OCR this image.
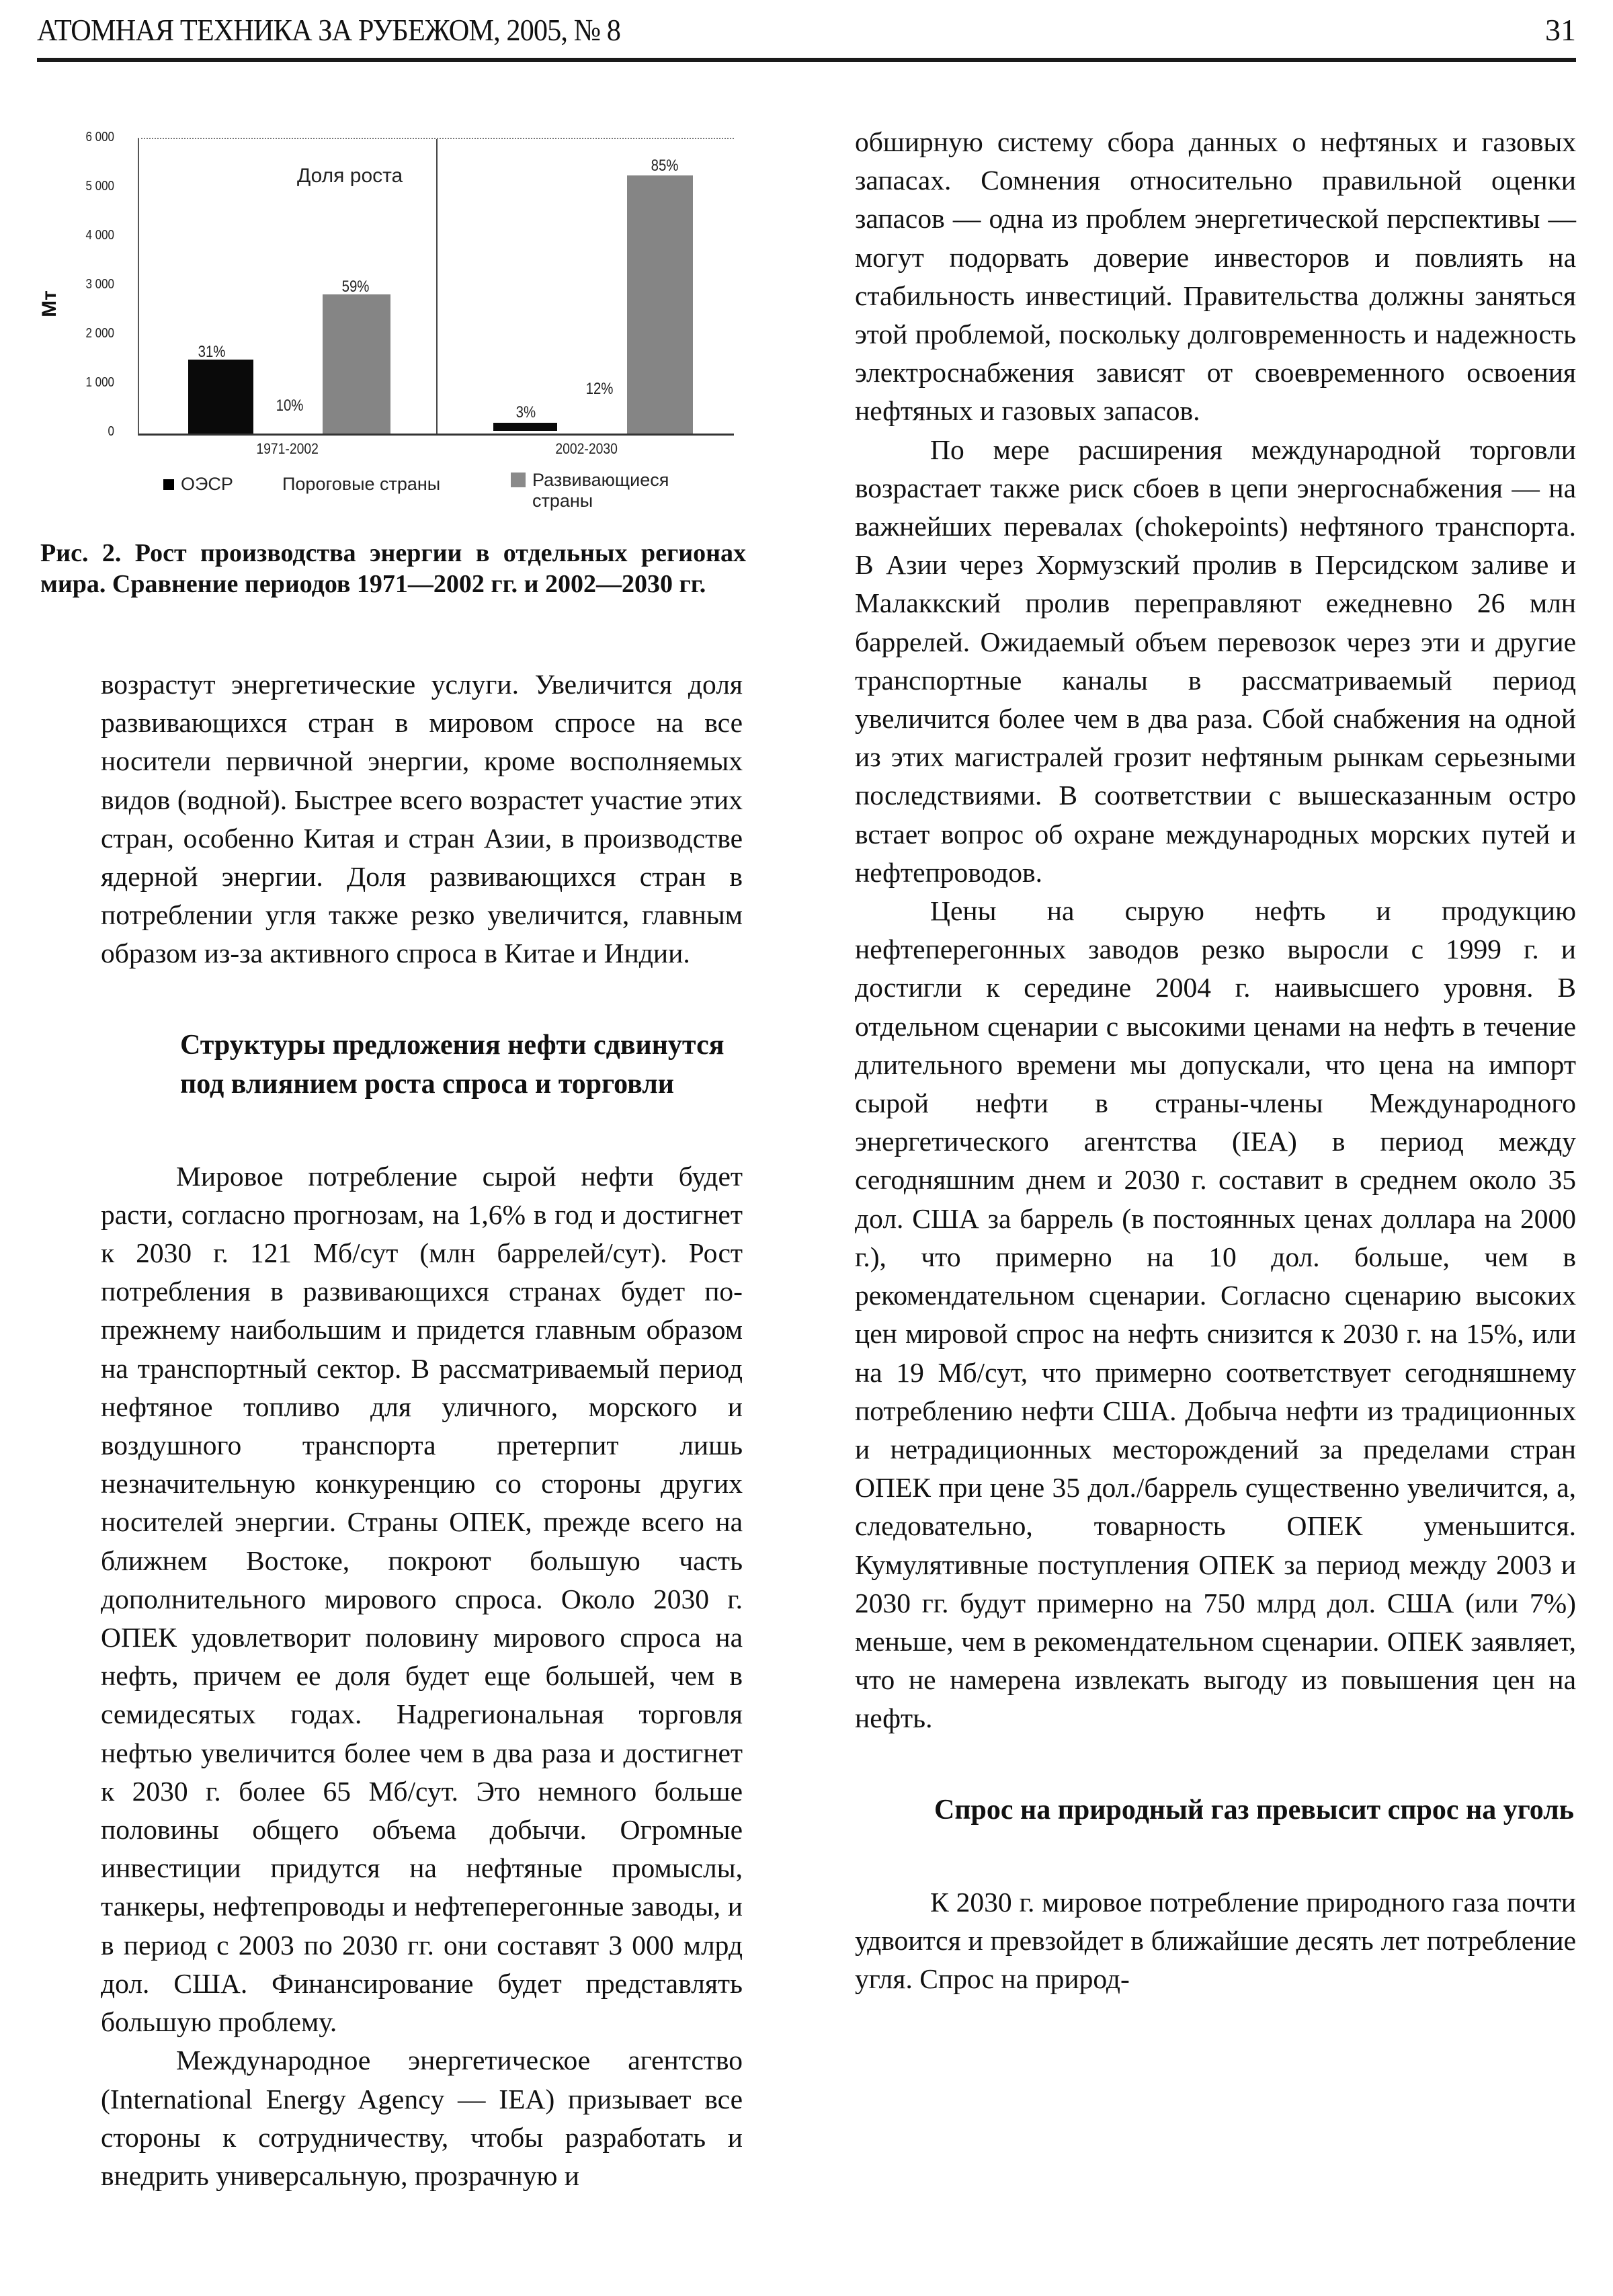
АТОМНАЯ ТЕХНИКА ЗА РУБЕЖОМ, 2005, № 8	31
6 000
5 000
4 000
3 000
2 000
1 000
0
Мт
Доля роста
31%
10%
59%
3%
12%
85%
1971-2002	2002-2030
ОЭСР	Пороговые страны	Развивающиеся
страны
Рис. 2. Рост производства энергии в отдельных регионах мира. Сравнение периодов 1971—2002 гг. и 2002—2030 гг.

возрастут энергетические услуги. Увеличится доля развивающихся стран в мировом спросе на все носители первичной энергии, кроме восполняемых видов (водной). Быстрее всего возрастет участие этих стран, особенно Китая и стран Азии, в производстве ядерной энергии. Доля развивающихся стран в потреблении угля также резко увеличится, главным образом из-за активного спроса в Китае и Индии.

Структуры предложения нефти сдвинутся под влиянием роста спроса и торговли

Мировое потребление сырой нефти будет расти, согласно прогнозам, на 1,6% в год и достигнет к 2030 г. 121 Мб/сут (млн баррелей/сут). Рост потребления в развивающихся странах будет по-прежнему наибольшим и придется главным образом на транспортный сектор. В рассматриваемый период нефтяное топливо для уличного, морского и воздушного транспорта претерпит лишь незначительную конкуренцию со стороны других носителей энергии. Страны ОПЕК, прежде всего на ближнем Востоке, покроют большую часть дополнительного мирового спроса. Около 2030 г. ОПЕК удовлетворит половину мирового спроса на нефть, причем ее доля будет еще большей, чем в семидесятых годах. Надрегиональная торговля нефтью увеличится более чем в два раза и достигнет к 2030 г. более 65 Мб/сут. Это немного больше половины общего объема добычи. Огромные инвестиции придутся на нефтяные промыслы, танкеры, нефтепроводы и нефтеперегонные заводы, и в период с 2003 по 2030 гг. они составят 3 000 млрд дол. США. Финансирование будет представлять большую проблему.

Международное энергетическое агентство (International Energy Agency — IEA) призывает все стороны к сотрудничеству, чтобы разработать и внедрить универсальную, прозрачную и

обширную систему сбора данных о нефтяных и газовых запасах. Сомнения относительно правильной оценки запасов — одна из проблем энергетической перспективы — могут подорвать доверие инвесторов и повлиять на стабильность инвестиций. Правительства должны заняться этой проблемой, поскольку долговременность и надежность электроснабжения зависят от своевременного освоения нефтяных и газовых запасов.

По мере расширения международной торговли возрастает также риск сбоев в цепи энергоснабжения — на важнейших перевалах (chokepoints) нефтяного транспорта. В Азии через Хормузский пролив в Персидском заливе и Малаккский пролив переправляют ежедневно 26 млн баррелей. Ожидаемый объем перевозок через эти и другие транспортные каналы в рассматриваемый период увеличится более чем в два раза. Сбой снабжения на одной из этих магистралей грозит нефтяным рынкам серьезными последствиями. В соответствии с вышесказанным остро встает вопрос об охране международных морских путей и нефтепроводов.

Цены на сырую нефть и продукцию нефтеперегонных заводов резко выросли с 1999 г. и достигли к середине 2004 г. наивысшего уровня. В отдельном сценарии с высокими ценами на нефть в течение длительного времени мы допускали, что цена на импорт сырой нефти в страны-члены Международного энергетического агентства (IEA) в период между сегодняшним днем и 2030 г. составит в среднем около 35 дол. США за баррель (в постоянных ценах доллара на 2000 г.), что примерно на 10 дол. больше, чем в рекомендательном сценарии. Согласно сценарию высоких цен мировой спрос на нефть снизится к 2030 г. на 15%, или на 19 Мб/сут, что примерно соответствует сегодняшнему потреблению нефти США. Добыча нефти из традиционных и нетрадиционных месторождений за пределами стран ОПЕК при цене 35 дол./баррель существенно увеличится, а, следовательно, товарность ОПЕК уменьшится. Кумулятивные поступления ОПЕК за период между 2003 и 2030 гг. будут примерно на 750 млрд дол. США (или 7%) меньше, чем в рекомендательном сценарии. ОПЕК заявляет, что не намерена извлекать выгоду из повышения цен на нефть.

Спрос на природный газ превысит спрос на уголь

К 2030 г. мировое потребление природного газа почти удвоится и превзойдет в ближайшие десять лет потребление угля. Спрос на природ-
